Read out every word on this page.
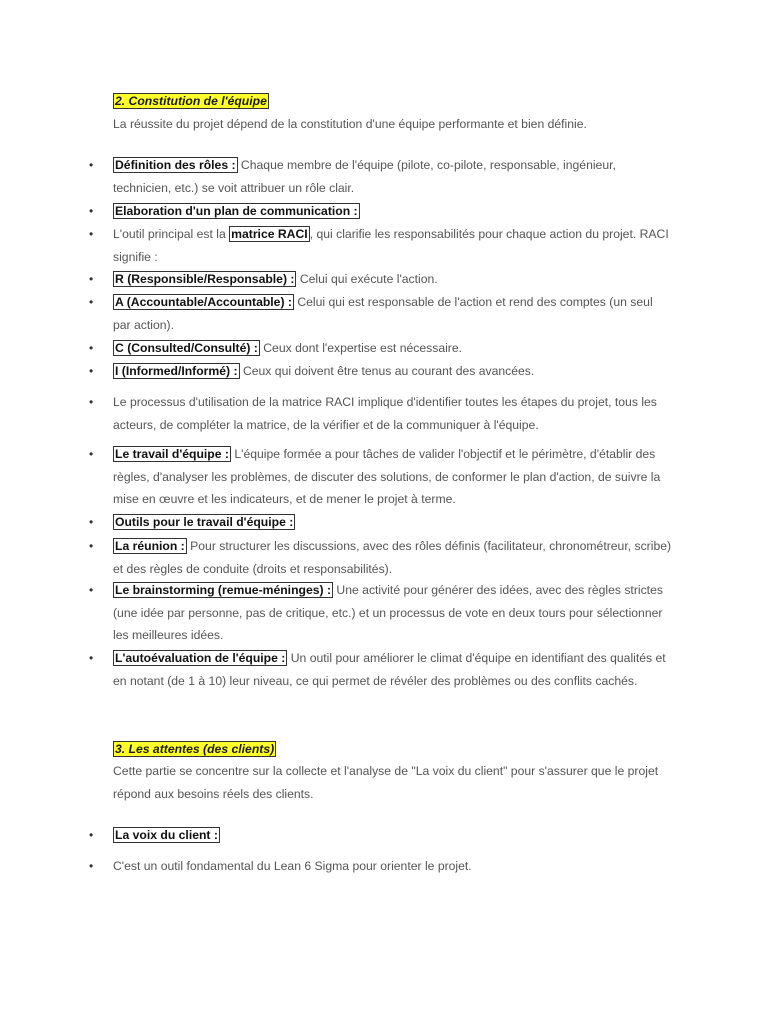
2. Constitution de l'équipe

La réussite du projet dépend de la constitution d'une équipe performante et bien définie.

• Définition des rôles : Chaque membre de l'équipe (pilote, co-pilote, responsable, ingénieur, technicien, etc.) se voit attribuer un rôle clair.

• Elaboration d'un plan de communication :

• L'outil principal est la matrice RACI , qui clarifie les responsabilités pour chaque action du projet. RACI signifie :

• R (Responsible/Responsable) : Celui qui exécute l'action.

• A (Accountable/Accountable) : Celui qui est responsable de l'action et rend des comptes (un seul par action).

• C (Consulted/Consulté) : Ceux dont l'expertise est nécessaire.

• I (Informed/Informé) : Ceux qui doivent être tenus au courant des avancées.

• Le processus d'utilisation de la matrice RACI implique d'identifier toutes les étapes du projet, tous les acteurs, de compléter la matrice, de la vérifier et de la communiquer à l'équipe.

• Le travail d'équipe : L'équipe formée a pour tâches de valider l'objectif et le périmètre, d'établir des règles, d'analyser les problèmes, de discuter des solutions, de conformer le plan d'action, de suivre la mise en œuvre et les indicateurs, et de mener le projet à terme.

• Outils pour le travail d'équipe :

• La réunion : Pour structurer les discussions, avec des rôles définis (facilitateur, chronométreur, scribe) et des règles de conduite (droits et responsabilités).

• Le brainstorming (remue-méninges) : Une activité pour générer des idées, avec des règles strictes (une idée par personne, pas de critique, etc.) et un processus de vote en deux tours pour sélectionner les meilleures idées.

• L'autoévaluation de l'équipe : Un outil pour améliorer le climat d'équipe en identifiant des qualités et en notant (de 1 à 10) leur niveau, ce qui permet de révéler des problèmes ou des conflits cachés.

3. Les attentes (des clients)

Cette partie se concentre sur la collecte et l'analyse de "La voix du client" pour s'assurer que le projet répond aux besoins réels des clients.

• La voix du client :

• C'est un outil fondamental du Lean 6 Sigma pour orienter le projet.
